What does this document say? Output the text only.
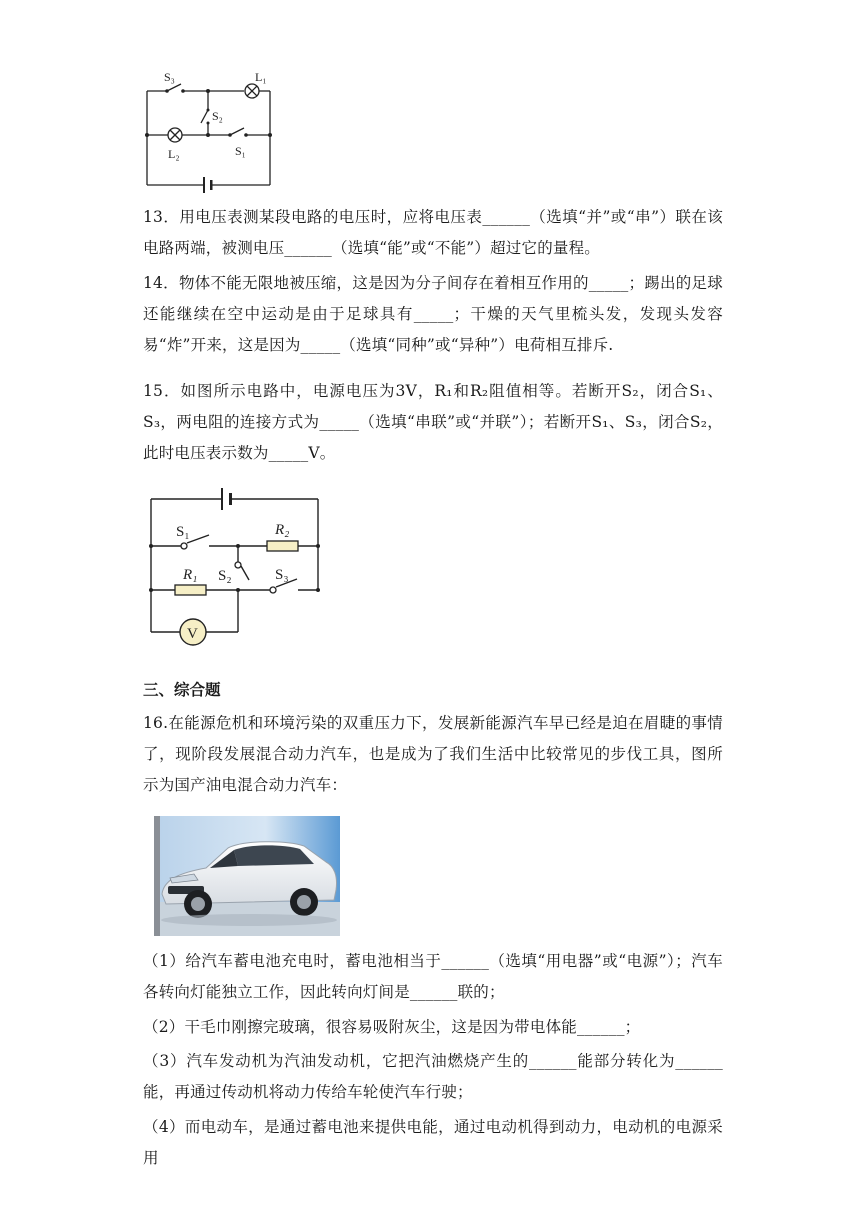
S₃	L₁
S₂
L₂	S₁

13．用电压表测某段电路的电压时，应将电压表______（选填“并”或“串”）联在该电路两端，被测电压______（选填“能”或“不能”）超过它的量程。

14．物体不能无限地被压缩，这是因为分子间存在着相互作用的_____；踢出的足球还能继续在空中运动是由于足球具有_____；干燥的天气里梳头发，发现头发容易“炸”开来，这是因为_____（选填“同种”或“异种”）电荷相互排斥.

15．如图所示电路中，电源电压为3V，R₁和R₂阻值相等。若断开S₂，闭合S₁、S₃，两电阻的连接方式为_____（选填“串联”或“并联”）；若断开S₁、S₃，闭合S₂，此时电压表示数为_____V。

S₁	R₂
S₂	S₃
R₁
V

三、综合题

16.在能源危机和环境污染的双重压力下，发展新能源汽车早已经是迫在眉睫的事情了，现阶段发展混合动力汽车，也是成为了我们生活中比较常见的步伐工具，图所示为国产油电混合动力汽车：

（1）给汽车蓄电池充电时，蓄电池相当于______（选填“用电器”或“电源”）；汽车各转向灯能独立工作，因此转向灯间是______联的；

（2）干毛巾刚擦完玻璃，很容易吸附灰尘，这是因为带电体能______；

（3）汽车发动机为汽油发动机，它把汽油燃烧产生的______能部分转化为______能，再通过传动机将动力传给车轮使汽车行驶；

（4）而电动车，是通过蓄电池来提供电能，通过电动机得到动力，电动机的电源采用
